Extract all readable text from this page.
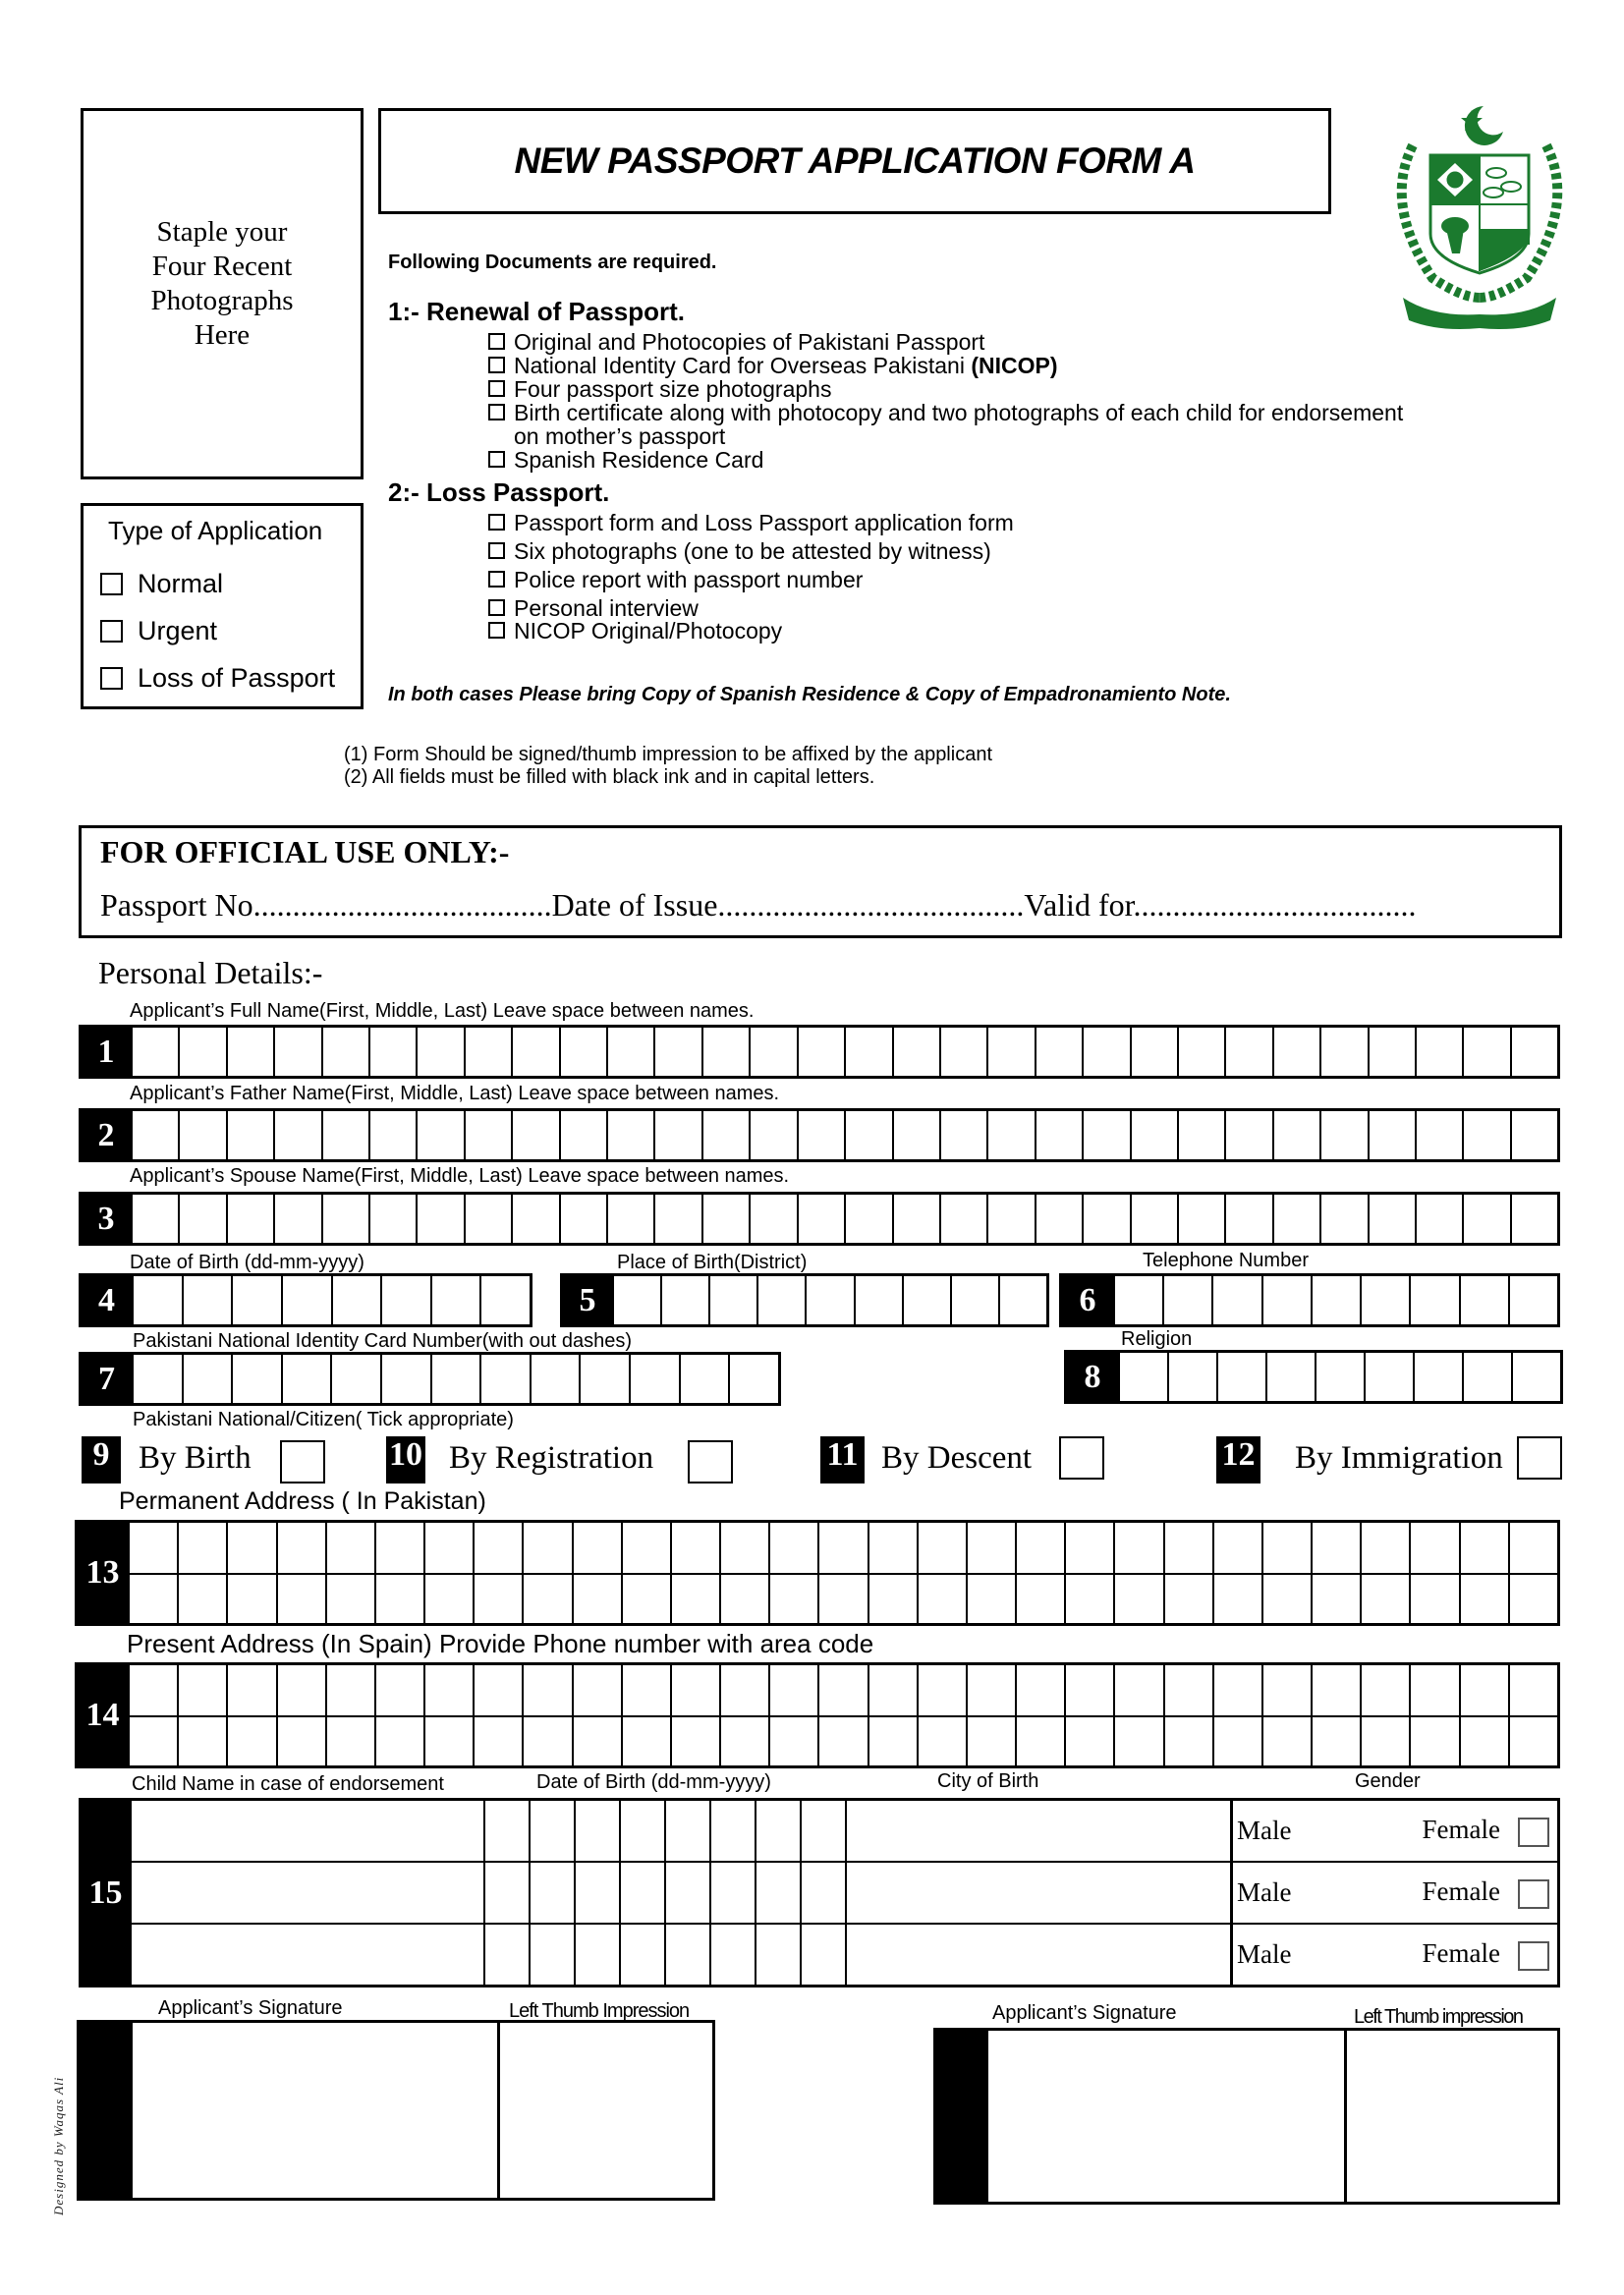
Staple your
Four Recent
Photographs
Here
NEW PASSPORT APPLICATION FORM A
Following Documents are required.
1:- Renewal of Passport.
Original and Photocopies of Pakistani Passport
National Identity Card for Overseas Pakistani (NICOP)
Four passport size photographs
Birth certificate along with photocopy and two photographs of each child for endorsement
on mother’s passport
Spanish Residence Card
2:- Loss Passport.
Passport form and Loss Passport application form
Six photographs (one to be attested by witness)
Police report with passport number
Personal interview
NICOP Original/Photocopy
In both cases Please bring Copy of Spanish Residence & Copy of Empadronamiento Note.
Type of Application
Normal
Urgent
Loss of Passport
(1) Form Should be signed/thumb impression to be affixed by the applicant
(2) All fields must be filled with black ink and in capital letters.
FOR OFFICIAL USE ONLY:-
Passport No......................................Date of Issue.......................................Valid for....................................
Personal Details:-
Applicant’s Full Name(First, Middle, Last) Leave space between names.
1
Applicant’s Father Name(First, Middle, Last) Leave space between names.
2
Applicant’s Spouse Name(First, Middle, Last) Leave space between names.
3
Date of Birth (dd-mm-yyyy)
4
Place of Birth(District)
5
Telephone Number
6
Pakistani National Identity Card Number(with out dashes)
7
Religion
8
Pakistani National/Citizen( Tick appropriate)
9 By Birth	10 By Registration	11 By Descent	12 By Immigration
Permanent Address ( In Pakistan)
13
Present Address (In Spain) Provide Phone number with area code
14
Child Name in case of endorsement	Date of Birth (dd-mm-yyyy)	City of Birth	Gender
15
Male	Female
Male	Female
Male	Female
Applicant’s Signature	Left Thumb Impression	Applicant’s Signature	Left Thumb impression
Designed by Waqas Ali
